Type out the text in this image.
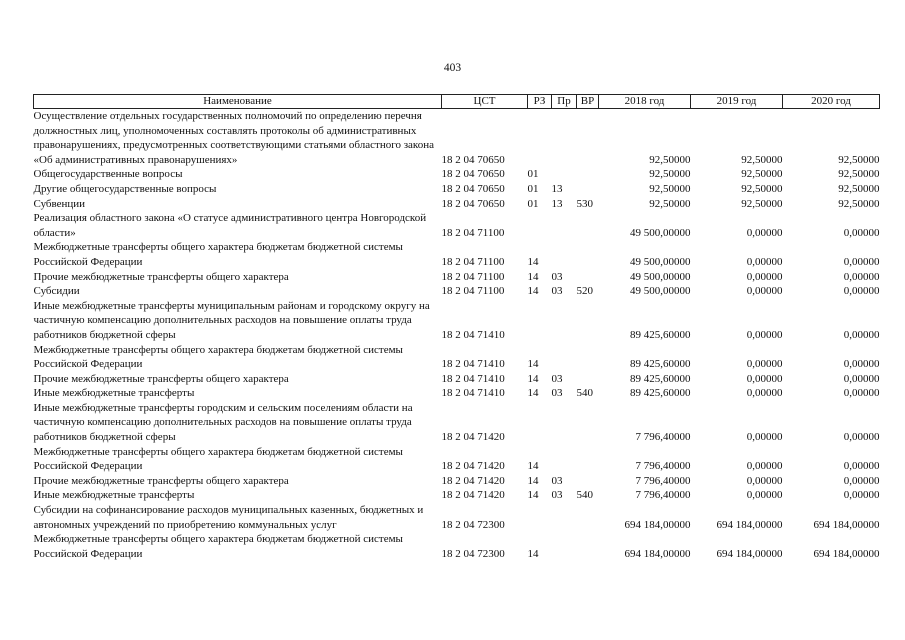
403
Наименование	ЦСТ	РЗ	Пр	ВР	2018 год	2019 год	2020 год
Осуществление отдельных государственных полномочий по определению перечня должностных лиц, уполномоченных составлять протоколы об административных правонарушениях, предусмотренных соответствующими статьями областного закона «Об административных правонарушениях»	18 2 04 70650				92,50000	92,50000	92,50000
Общегосударственные вопросы	18 2 04 70650	01			92,50000	92,50000	92,50000
Другие общегосударственные вопросы	18 2 04 70650	01	13		92,50000	92,50000	92,50000
Субвенции	18 2 04 70650	01	13	530	92,50000	92,50000	92,50000
Реализация областного закона «О статусе административного центра Новгородской области»	18 2 04 71100				49 500,00000	0,00000	0,00000
Межбюджетные трансферты общего характера бюджетам бюджетной системы Российской Федерации	18 2 04 71100	14			49 500,00000	0,00000	0,00000
Прочие межбюджетные трансферты общего характера	18 2 04 71100	14	03		49 500,00000	0,00000	0,00000
Субсидии	18 2 04 71100	14	03	520	49 500,00000	0,00000	0,00000
Иные межбюджетные трансферты муниципальным районам и городскому округу на частичную компенсацию дополнительных расходов на повышение оплаты труда работников бюджетной сферы	18 2 04 71410				89 425,60000	0,00000	0,00000
Межбюджетные трансферты общего характера бюджетам бюджетной системы Российской Федерации	18 2 04 71410	14			89 425,60000	0,00000	0,00000
Прочие межбюджетные трансферты общего характера	18 2 04 71410	14	03		89 425,60000	0,00000	0,00000
Иные межбюджетные трансферты	18 2 04 71410	14	03	540	89 425,60000	0,00000	0,00000
Иные межбюджетные трансферты городским и сельским поселениям области на частичную компенсацию дополнительных расходов на повышение оплаты труда работников бюджетной сферы	18 2 04 71420				7 796,40000	0,00000	0,00000
Межбюджетные трансферты общего характера бюджетам бюджетной системы Российской Федерации	18 2 04 71420	14			7 796,40000	0,00000	0,00000
Прочие межбюджетные трансферты общего характера	18 2 04 71420	14	03		7 796,40000	0,00000	0,00000
Иные межбюджетные трансферты	18 2 04 71420	14	03	540	7 796,40000	0,00000	0,00000
Субсидии на софинансирование расходов муниципальных казенных, бюджетных и автономных учреждений по приобретению коммунальных услуг	18 2 04 72300				694 184,00000	694 184,00000	694 184,00000
Межбюджетные трансферты общего характера бюджетам бюджетной системы Российской Федерации	18 2 04 72300	14			694 184,00000	694 184,00000	694 184,00000
